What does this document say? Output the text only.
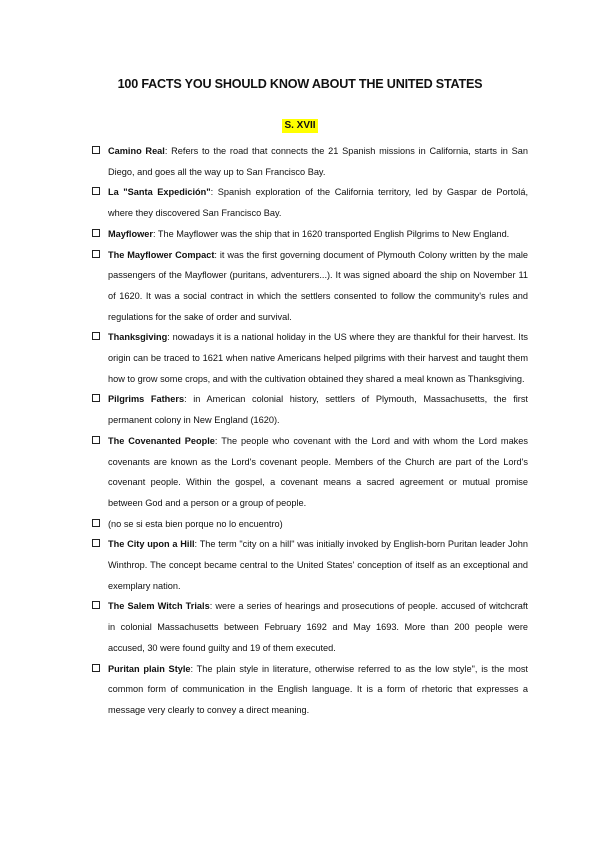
100 FACTS YOU SHOULD KNOW ABOUT THE UNITED STATES
S. XVII
Camino Real: Refers to the road that connects the 21 Spanish missions in California, starts in San Diego, and goes all the way up to San Francisco Bay.
La "Santa Expedición": Spanish exploration of the California territory, led by Gaspar de Portolá, where they discovered San Francisco Bay.
Mayflower: The Mayflower was the ship that in 1620 transported English Pilgrims to New England.
The Mayflower Compact: it was the first governing document of Plymouth Colony written by the male passengers of the Mayflower (puritans, adventurers...). It was signed aboard the ship on November 11 of 1620. It was a social contract in which the settlers consented to follow the community's rules and regulations for the sake of order and survival.
Thanksgiving: nowadays it is a national holiday in the US where they are thankful for their harvest. Its origin can be traced to 1621 when native Americans helped pilgrims with their harvest and taught them how to grow some crops, and with the cultivation obtained they shared a meal known as Thanksgiving.
Pilgrims Fathers: in American colonial history, settlers of Plymouth, Massachusetts, the first permanent colony in New England (1620).
The Covenanted People: The people who covenant with the Lord and with whom the Lord makes covenants are known as the Lord's covenant people. Members of the Church are part of the Lord's covenant people. Within the gospel, a covenant means a sacred agreement or mutual promise between God and a person or a group of people.
(no se si esta bien porque no lo encuentro)
The City upon a Hill: The term "city on a hill" was initially invoked by English-born Puritan leader John Winthrop. The concept became central to the United States' conception of itself as an exceptional and exemplary nation.
The Salem Witch Trials: were a series of hearings and prosecutions of people. accused of witchcraft in colonial Massachusetts between February 1692 and May 1693. More than 200 people were accused, 30 were found guilty and 19 of them executed.
Puritan plain Style: The plain style in literature, otherwise referred to as the low style", is the most common form of communication in the English language. It is a form of rhetoric that expresses a message very clearly to convey a direct meaning.
